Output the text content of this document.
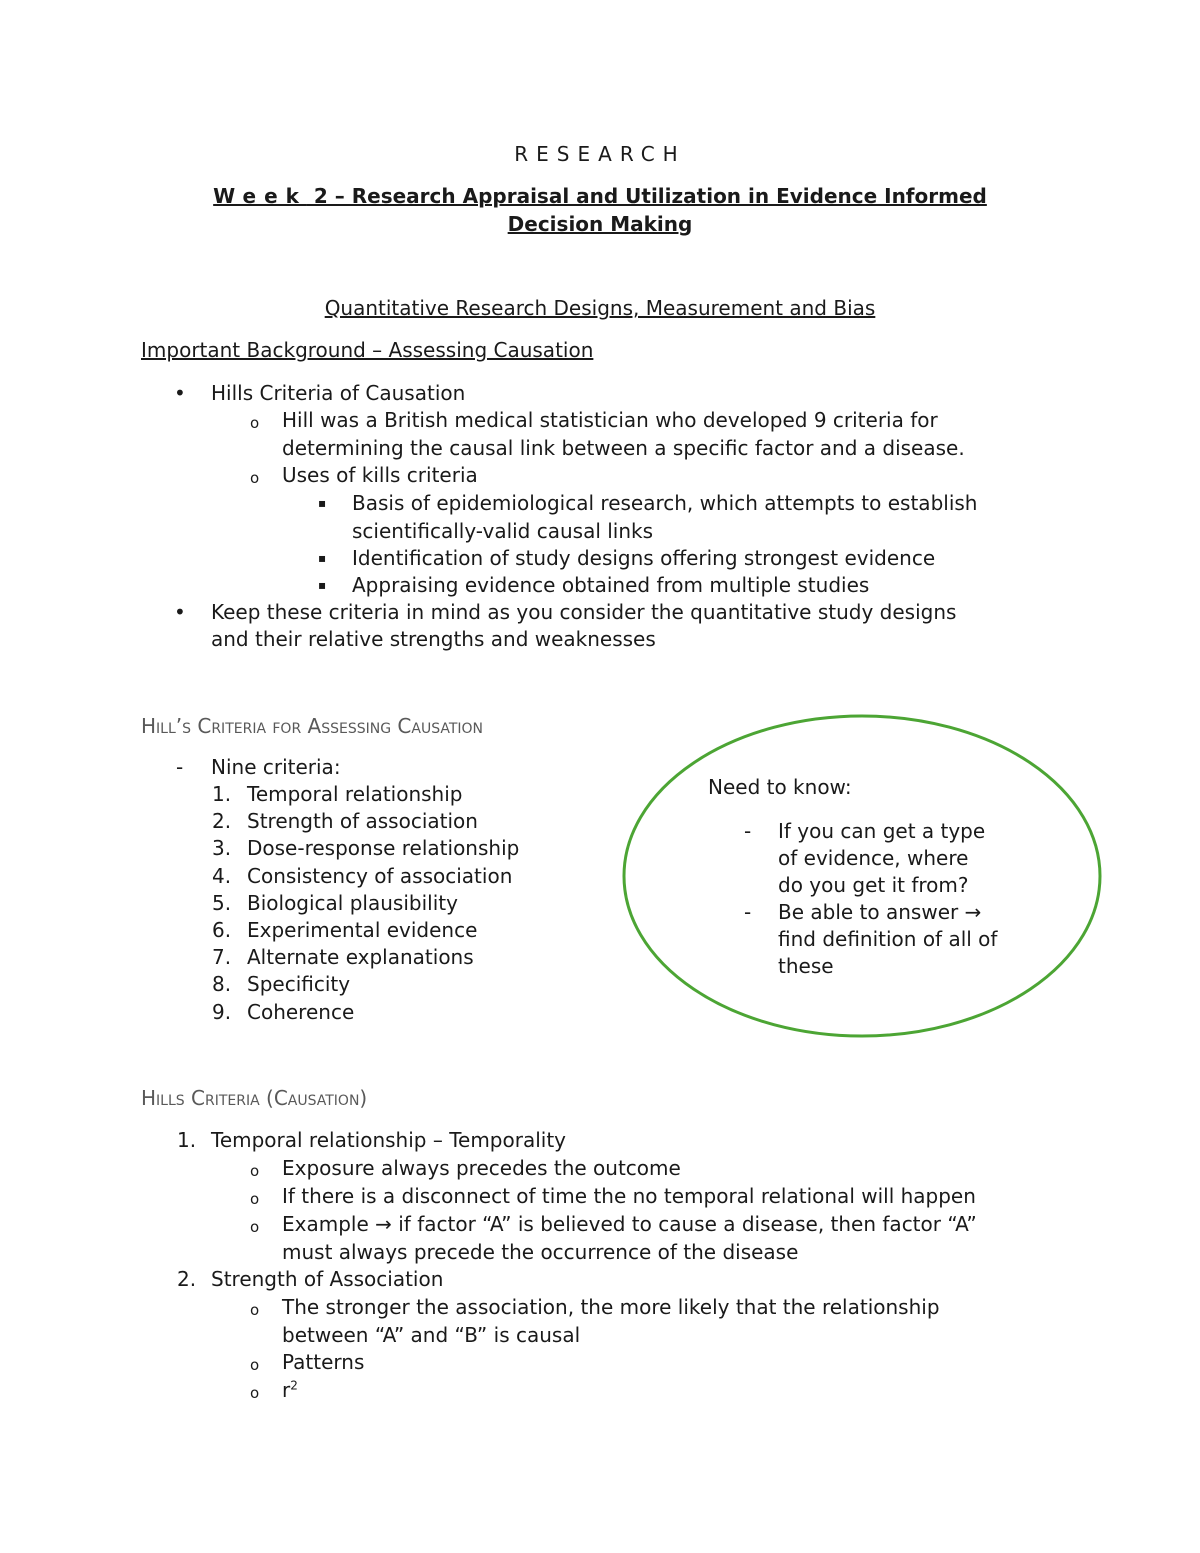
RESEARCH
Week 2 – Research Appraisal and Utilization in Evidence Informed
Decision Making
Quantitative Research Designs, Measurement and Bias
Important Background – Assessing Causation
• Hills Criteria of Causation
o Hill was a British medical statistician who developed 9 criteria for
determining the causal link between a specific factor and a disease.
o Uses of kills criteria
▪ Basis of epidemiological research, which attempts to establish
scientifically-valid causal links
▪ Identification of study designs offering strongest evidence
▪ Appraising evidence obtained from multiple studies
• Keep these criteria in mind as you consider the quantitative study designs
and their relative strengths and weaknesses
Hill’s Criteria for Assessing Causation
- Nine criteria:
1. Temporal relationship
2. Strength of association
3. Dose-response relationship
4. Consistency of association
5. Biological plausibility
6. Experimental evidence
7. Alternate explanations
8. Specificity
9. Coherence
Need to know:
- If you can get a type
of evidence, where
do you get it from?
- Be able to answer →
find definition of all of
these
Hills Criteria (Causation)
1. Temporal relationship – Temporality
o Exposure always precedes the outcome
o If there is a disconnect of time the no temporal relational will happen
o Example → if factor “A” is believed to cause a disease, then factor “A”
must always precede the occurrence of the disease
2. Strength of Association
o The stronger the association, the more likely that the relationship
between “A” and “B” is causal
o Patterns
o $r^2$
